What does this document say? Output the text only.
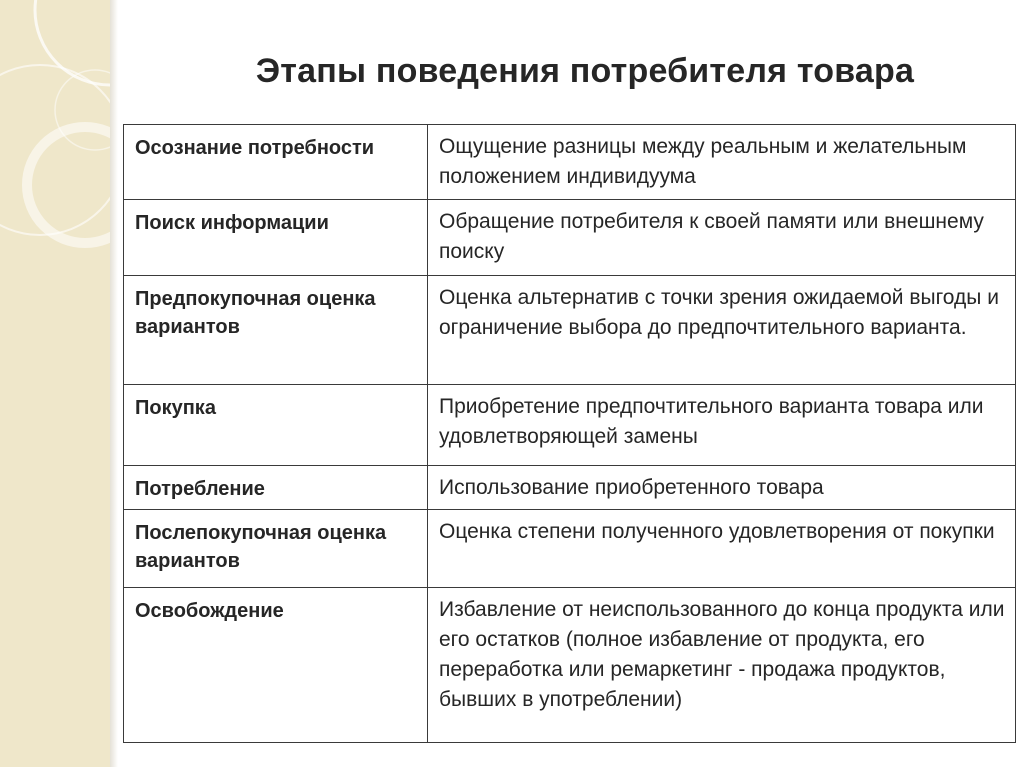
Этапы поведения потребителя товара
Осознание потребности	Ощущение разницы между реальным и желательным положением индивидуума
Поиск информации	Обращение потребителя к своей памяти или внешнему поиску
Предпокупочная оценка вариантов	Оценка альтернатив с точки зрения ожидаемой выгоды и ограничение выбора до предпочтительного варианта.
Покупка	Приобретение предпочтительного варианта товара или удовлетворяющей замены
Потребление	Использование приобретенного товара
Послепокупочная оценка вариантов	Оценка степени полученного удовлетворения от покупки
Освобождение	Избавление от неиспользованного до конца продукта или его остатков (полное избавление от продукта, его переработка или ремаркетинг - продажа продуктов, бывших в употреблении)
